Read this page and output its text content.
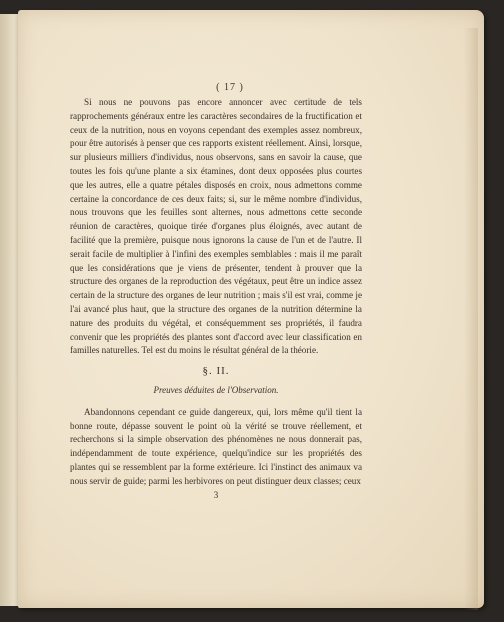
( 17 )

Si nous ne pouvons pas encore annoncer avec certitude de tels rapprochements généraux entre les caractères secondaires de la fructification et ceux de la nutrition, nous en voyons cependant des exemples assez nombreux, pour être autorisés à penser que ces rapports existent réellement. Ainsi, lorsque, sur plusieurs milliers d'individus, nous observons, sans en savoir la cause, que toutes les fois qu'une plante a six étamines, dont deux opposées plus courtes que les autres, elle a quatre pétales disposés en croix, nous admettons comme certaine la concordance de ces deux faits; si, sur le même nombre d'individus, nous trouvons que les feuilles sont alternes, nous admettons cette seconde réunion de caractères, quoique tirée d'organes plus éloignés, avec autant de facilité que la première, puisque nous ignorons la cause de l'un et de l'autre. Il serait facile de multiplier à l'infini des exemples semblables : mais il me paraît que les considérations que je viens de présenter, tendent à prouver que la structure des organes de la reproduction des végétaux, peut être un indice assez certain de la structure des organes de leur nutrition ; mais s'il est vrai, comme je l'ai avancé plus haut, que la structure des organes de la nutrition détermine la nature des produits du végétal, et conséquemment ses propriétés, il faudra convenir que les propriétés des plantes sont d'accord avec leur classification en familles naturelles. Tel est du moins le résultat général de la théorie.

§. II.
Preuves déduites de l'Observation.

Abandonnons cependant ce guide dangereux, qui, lors même qu'il tient la bonne route, dépasse souvent le point où la vérité se trouve réellement, et recherchons si la simple observation des phénomènes ne nous donnerait pas, indépendamment de toute expérience, quelqu'indice sur les propriétés des plantes qui se ressemblent par la forme extérieure. Ici l'instinct des animaux va nous servir de guide; parmi les herbivores on peut distinguer deux classes; ceux

3
